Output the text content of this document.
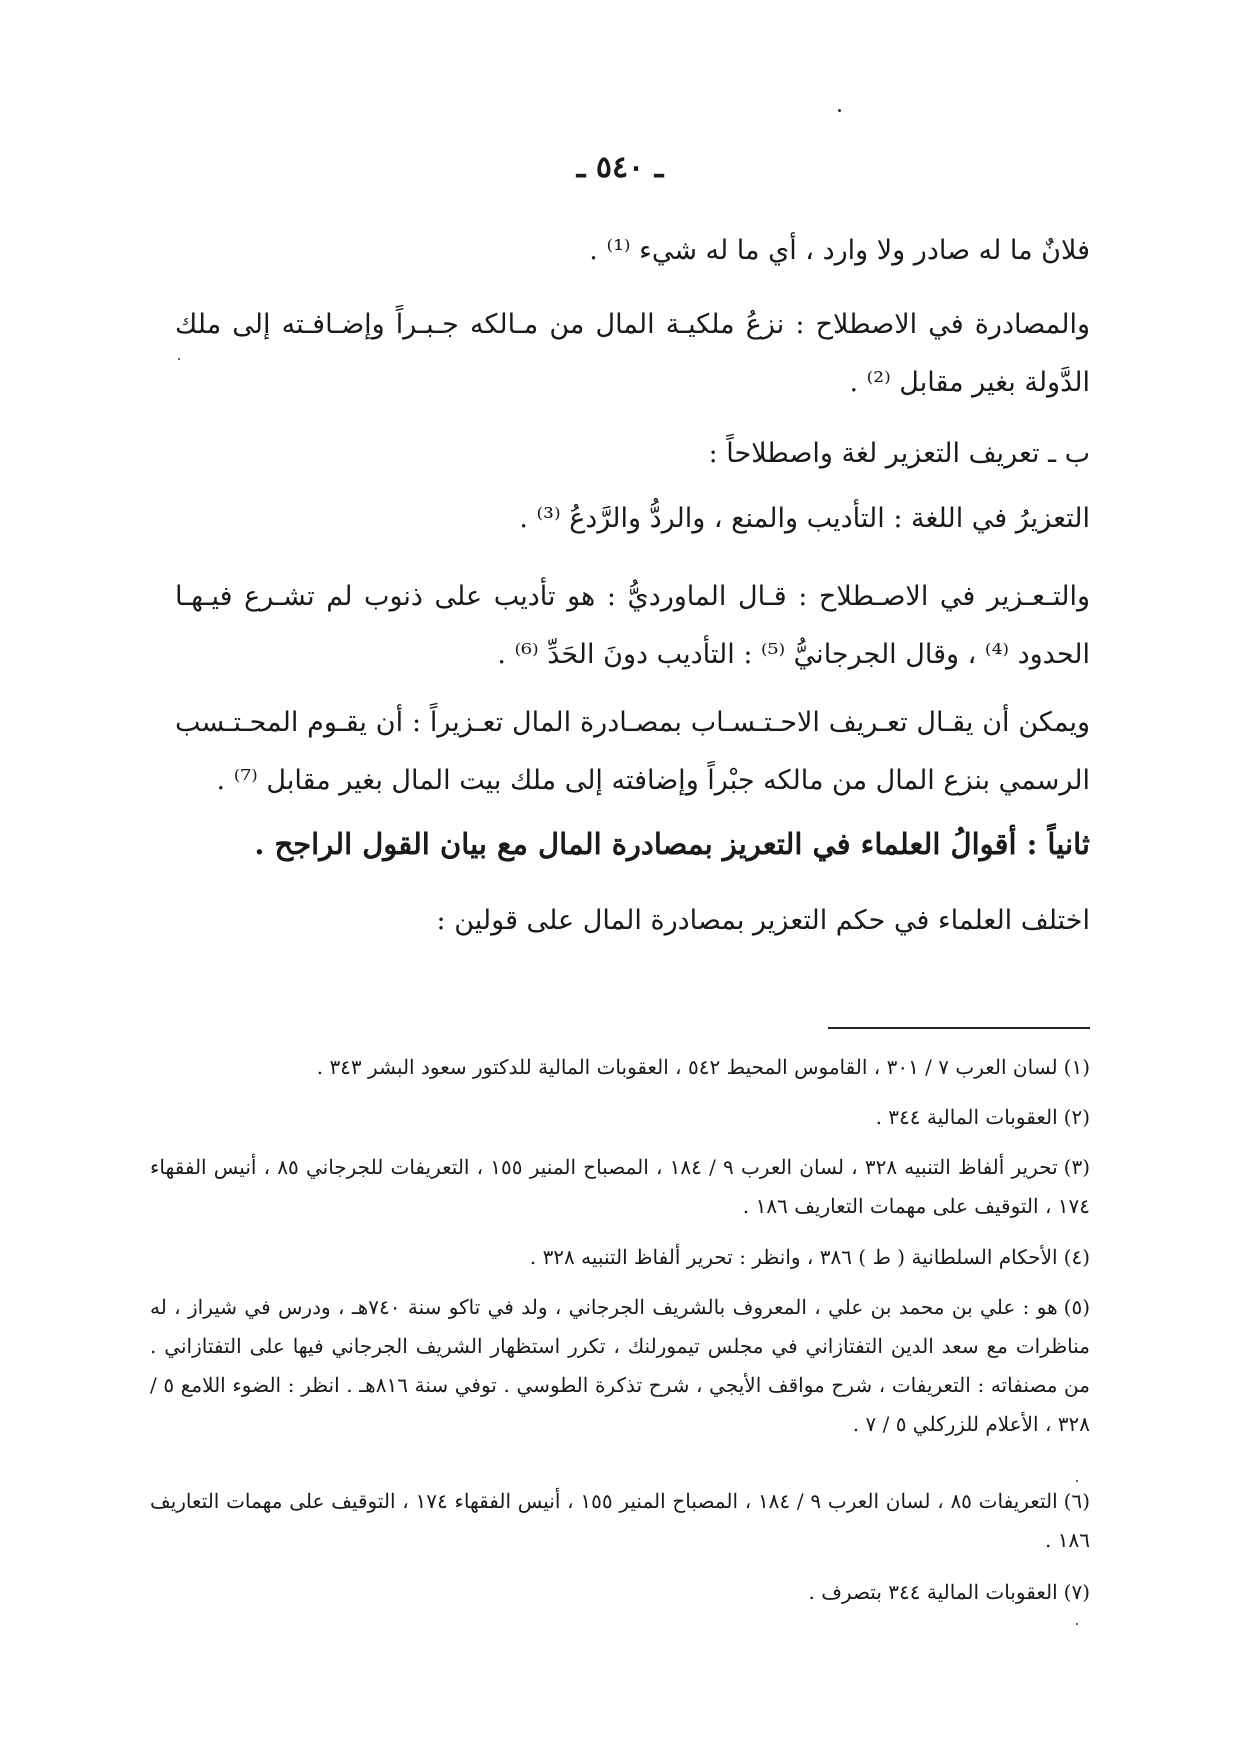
ـ ٥٤٠ ـ
فلانٌ ما له صادر ولا وارد ، أي ما له شيء ⁽¹⁾ .
والمصادرة في الاصطلاح : نزعُ ملكيـة المال من مـالكه جـبـراً وإضـافـته إلى ملك الدَّولة بغير مقابل ⁽²⁾ .
ب ـ تعريف التعزير لغة واصطلاحاً :
التعزيرُ في اللغة : التأديب والمنع ، والردُّ والرَّدعُ ⁽³⁾ .
والتـعـزير في الاصـطلاح : قـال الماورديُّ : هو تأديب على ذنوب لم تشـرع فيـهـا الحدود ⁽⁴⁾ ، وقال الجرجانيُّ ⁽⁵⁾ : التأديب دونَ الحَدِّ ⁽⁶⁾ .
ويمكن أن يقـال تعـريف الاحـتـسـاب بمصـادرة المال تعـزيراً : أن يقـوم المحـتـسب الرسمي بنزع المال من مالكه جبْراً وإضافته إلى ملك بيت المال بغير مقابل ⁽⁷⁾ .
ثانياً : أقوالُ العلماء في التعريز بمصادرة المال مع بيان القول الراجح .
اختلف العلماء في حكم التعزير بمصادرة المال على قولين :
(١)لسان العرب ٧ / ٣٠١ ، القاموس المحيط ٥٤٢ ، العقوبات المالية للدكتور سعود البشر ٣٤٣ .
(٢)العقوبات المالية ٣٤٤ .
(٣)تحرير ألفاظ التنبيه ٣٢٨ ، لسان العرب ٩ / ١٨٤ ، المصباح المنير ١٥٥ ، التعريفات للجرجاني ٨٥ ، أنيس الفقهاء ١٧٤ ، التوقيف على مهمات التعاريف ١٨٦ .
(٤)الأحكام السلطانية ( ط ) ٣٨٦ ، وانظر : تحرير ألفاظ التنبيه ٣٢٨ .
(٥)هو : علي بن محمد بن علي ، المعروف بالشريف الجرجاني ، ولد في تاكو سنة ٧٤٠هـ ، ودرس في شيراز ، له مناظرات مع سعد الدين التفتازاني في مجلس تيمورلنك ، تكرر استظهار الشريف الجرجاني فيها على التفتازاني . من مصنفاته : التعريفات ، شرح مواقف الأيجي ، شرح تذكرة الطوسي . توفي سنة ٨١٦هـ . انظر : الضوء اللامع ٥ / ٣٢٨ ، الأعلام للزركلي ٥ / ٧ .
(٦)التعريفات ٨٥ ، لسان العرب ٩ / ١٨٤ ، المصباح المنير ١٥٥ ، أنيس الفقهاء ١٧٤ ، التوقيف على مهمات التعاريف ١٨٦ .
(٧)العقوبات المالية ٣٤٤ بتصرف .
